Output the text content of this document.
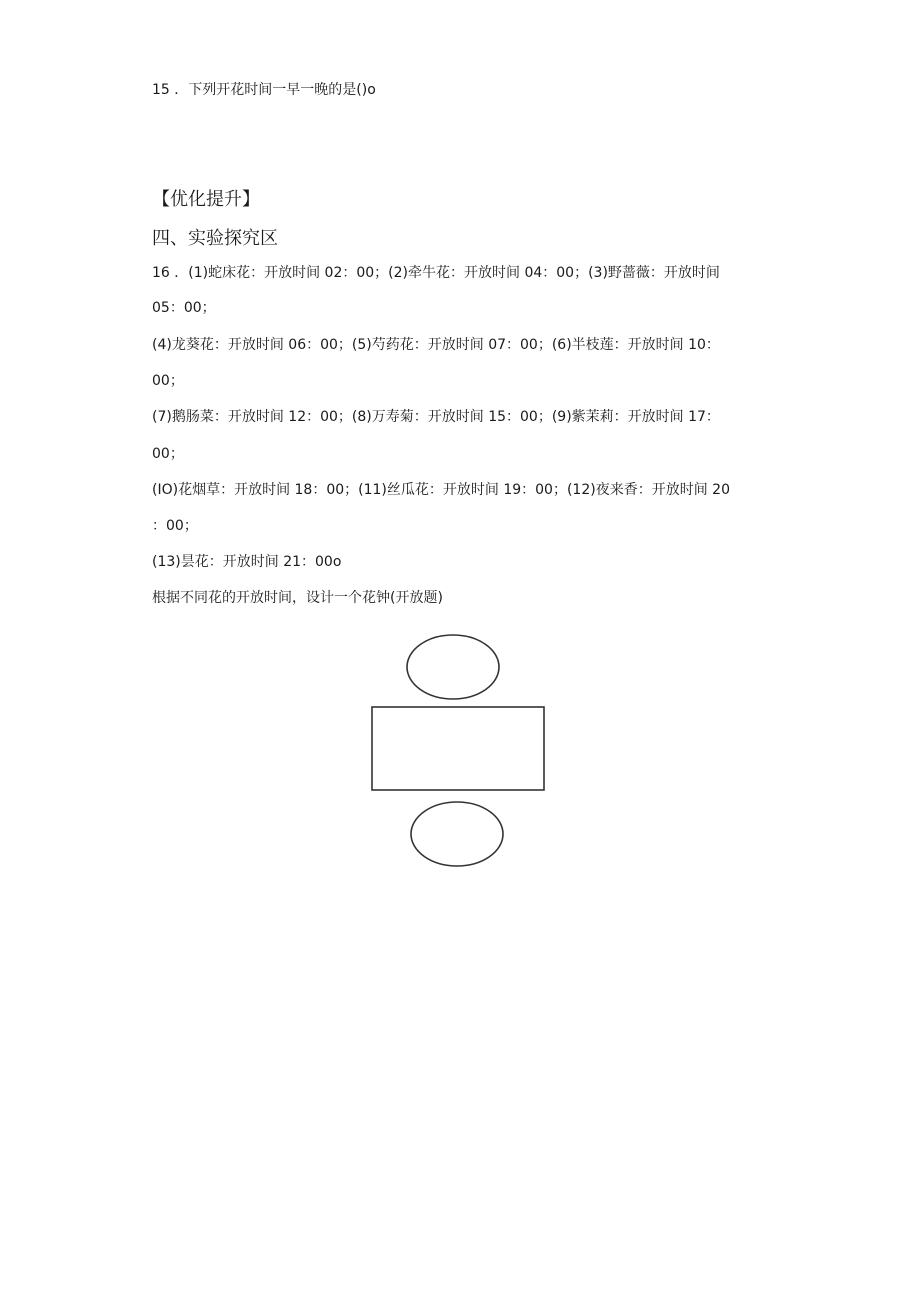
15 ．下列开花时间一早一晚的是()o
【优化提升】
四、实验探究区
16 ．(1)蛇床花：开放时间 02：00；(2)牵牛花：开放时间 04：00；(3)野蔷薇：开放时间
05：00；
(4)龙葵花：开放时间 06：00；(5)芍药花：开放时间 07：00；(6)半枝莲：开放时间 10：
00；
(7)鹅肠菜：开放时间 12：00；(8)万寿菊：开放时间 15：00；(9)紫茉莉：开放时间 17：
00；
(IO)花烟草：开放时间 18：00；(11)丝瓜花：开放时间 19：00；(12)夜来香：开放时间 20
：00；
(13)昙花：开放时间 21：00o
根据不同花的开放时间，设计一个花钟(开放题)
